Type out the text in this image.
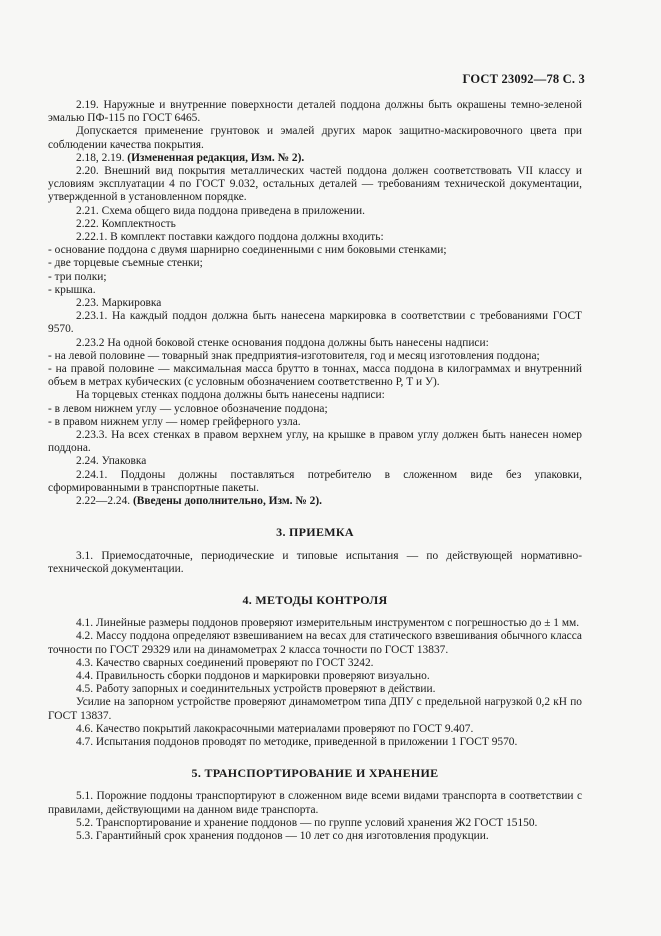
ГОСТ 23092—78 С. 3

2.19. Наружные и внутренние поверхности деталей поддона должны быть окрашены темно-зеленой эмалью ПФ-115 по ГОСТ 6465.

Допускается применение грунтовок и эмалей других марок защитно-маскировочного цвета при соблюдении качества покрытия.

2.18, 2.19. (Измененная редакция, Изм. № 2).

2.20. Внешний вид покрытия металлических частей поддона должен соответствовать VII классу и условиям эксплуатации 4 по ГОСТ 9.032, остальных деталей — требованиям технической документации, утвержденной в установленном порядке.

2.21. Схема общего вида поддона приведена в приложении.

2.22. Комплектность

2.22.1. В комплект поставки каждого поддона должны входить:

- основание поддона с двумя шарнирно соединенными с ним боковыми стенками;

- две торцевые съемные стенки;

- три полки;

- крышка.

2.23. Маркировка

2.23.1. На каждый поддон должна быть нанесена маркировка в соответствии с требованиями ГОСТ 9570.

2.23.2 На одной боковой стенке основания поддона должны быть нанесены надписи:

- на левой половине — товарный знак предприятия-изготовителя, год и месяц изготовления поддона;

- на правой половине — максимальная масса брутто в тоннах, масса поддона в килограммах и внутренний объем в метрах кубических (с условным обозначением соответственно Р, Т и У).

На торцевых стенках поддона должны быть нанесены надписи:

- в левом нижнем углу — условное обозначение поддона;

- в правом нижнем углу — номер грейферного узла.

2.23.3. На всех стенках в правом верхнем углу, на крышке в правом углу должен быть нанесен номер поддона.

2.24. Упаковка

2.24.1. Поддоны должны поставляться потребителю в сложенном виде без упаковки, сформированными в транспортные пакеты.

2.22—2.24. (Введены дополнительно, Изм. № 2).

3. ПРИЕМКА

3.1. Приемосдаточные, периодические и типовые испытания — по действующей нормативно-технической документации.

4. МЕТОДЫ КОНТРОЛЯ

4.1. Линейные размеры поддонов проверяют измерительным инструментом с погрешностью до ± 1 мм.

4.2. Массу поддона определяют взвешиванием на весах для статического взвешивания обычного класса точности по ГОСТ 29329 или на динамометрах 2 класса точности по ГОСТ 13837.

4.3. Качество сварных соединений проверяют по ГОСТ 3242.

4.4. Правильность сборки поддонов и маркировки проверяют визуально.

4.5. Работу запорных и соединительных устройств проверяют в действии.

Усилие на запорном устройстве проверяют динамометром типа ДПУ с предельной нагрузкой 0,2 кН по ГОСТ 13837.

4.6. Качество покрытий лакокрасочными материалами проверяют по ГОСТ 9.407.

4.7. Испытания поддонов проводят по методике, приведенной в приложении 1 ГОСТ 9570.

5. ТРАНСПОРТИРОВАНИЕ И ХРАНЕНИЕ

5.1. Порожние поддоны транспортируют в сложенном виде всеми видами транспорта в соответствии с правилами, действующими на данном виде транспорта.

5.2. Транспортирование и хранение поддонов — по группе условий хранения Ж2 ГОСТ 15150.

5.3. Гарантийный срок хранения поддонов — 10 лет со дня изготовления продукции.
